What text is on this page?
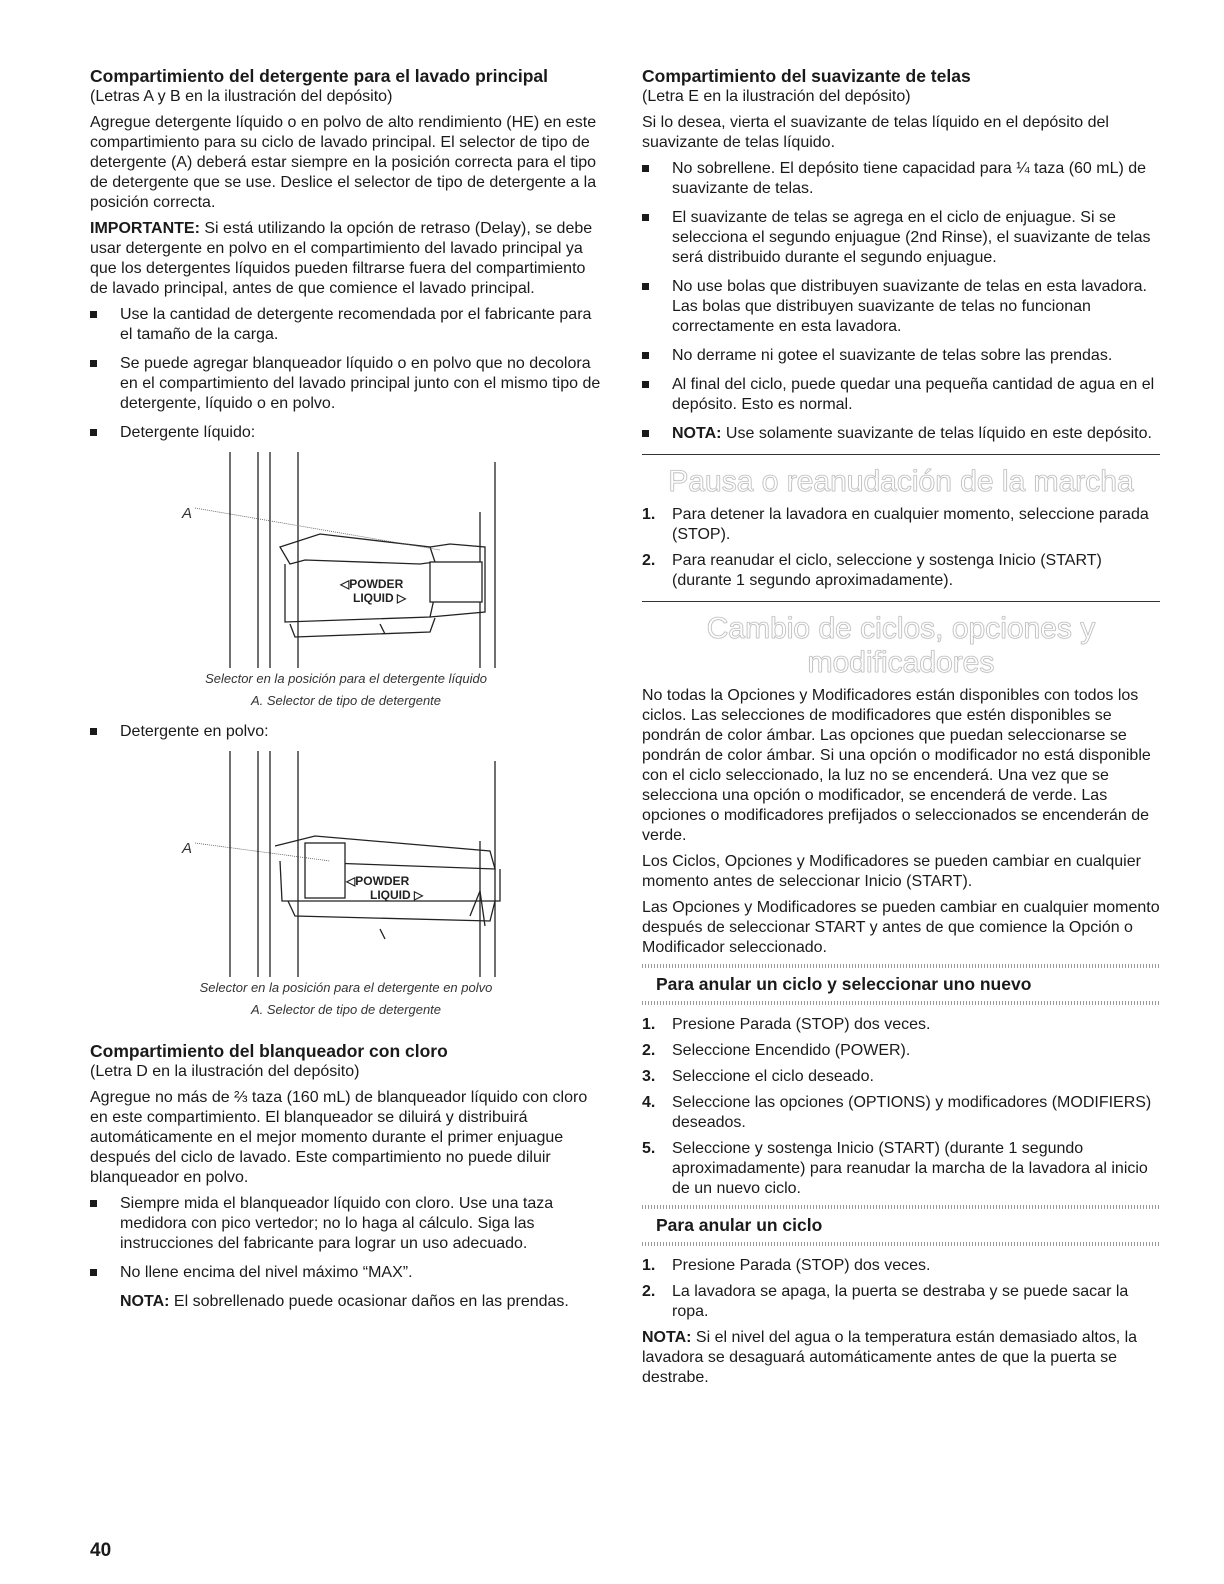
Compartimiento del detergente para el lavado principal

(Letras A y B en la ilustración del depósito)

Agregue detergente líquido o en polvo de alto rendimiento (HE) en este compartimiento para su ciclo de lavado principal. El selector de tipo de detergente (A) deberá estar siempre en la posición correcta para el tipo de detergente que se use. Deslice el selector de tipo de detergente a la posición correcta.

IMPORTANTE: Si está utilizando la opción de retraso (Delay), se debe usar detergente en polvo en el compartimiento del lavado principal ya que los detergentes líquidos pueden filtrarse fuera del compartimiento de lavado principal, antes de que comience el lavado principal.

Use la cantidad de detergente recomendada por el fabricante para el tamaño de la carga.
Se puede agregar blanqueador líquido o en polvo que no decolora en el compartimiento del lavado principal junto con el mismo tipo de detergente, líquido o en polvo.
Detergente líquido:
A
◁POWDER
LIQUID ▷
Selector en la posición para el detergente líquido
A. Selector de tipo de detergente
Detergente en polvo:
A
◁POWDER
LIQUID ▷
Selector en la posición para el detergente en polvo
A. Selector de tipo de detergente
Compartimiento del blanqueador con cloro

(Letra D en la ilustración del depósito)

Agregue no más de ⅔ taza (160 mL) de blanqueador líquido con cloro en este compartimiento. El blanqueador se diluirá y distribuirá automáticamente en el mejor momento durante el primer enjuague después del ciclo de lavado. Este compartimiento no puede diluir blanqueador en polvo.

Siempre mida el blanqueador líquido con cloro. Use una taza medidora con pico vertedor; no lo haga al cálculo. Siga las instrucciones del fabricante para lograr un uso adecuado.
No llene encima del nivel máximo “MAX”.

NOTA: El sobrellenado puede ocasionar daños en las prendas.

Compartimiento del suavizante de telas

(Letra E en la ilustración del depósito)

Si lo desea, vierta el suavizante de telas líquido en el depósito del suavizante de telas líquido.

No sobrellene. El depósito tiene capacidad para ¼ taza (60 mL) de suavizante de telas.
El suavizante de telas se agrega en el ciclo de enjuague. Si se selecciona el segundo enjuague (2nd Rinse), el suavizante de telas será distribuido durante el segundo enjuague.
No use bolas que distribuyen suavizante de telas en esta lavadora. Las bolas que distribuyen suavizante de telas no funcionan correctamente en esta lavadora.
No derrame ni gotee el suavizante de telas sobre las prendas.
Al final del ciclo, puede quedar una pequeña cantidad de agua en el depósito. Esto es normal.
NOTA: Use solamente suavizante de telas líquido en este depósito.
Pausa o reanudación de la marcha
1. Para detener la lavadora en cualquier momento, seleccione parada (STOP).
2. Para reanudar el ciclo, seleccione y sostenga Inicio (START) (durante 1 segundo aproximadamente).
Cambio de ciclos, opciones y
modificadores

No todas la Opciones y Modificadores están disponibles con todos los ciclos. Las selecciones de modificadores que estén disponibles se pondrán de color ámbar. Las opciones que puedan seleccionarse se pondrán de color ámbar. Si una opción o modificador no está disponible con el ciclo seleccionado, la luz no se encenderá. Una vez que se selecciona una opción o modificador, se encenderá de verde. Las opciones o modificadores prefijados o seleccionados se encenderán de verde.

Los Ciclos, Opciones y Modificadores se pueden cambiar en cualquier momento antes de seleccionar Inicio (START).

Las Opciones y Modificadores se pueden cambiar en cualquier momento después de seleccionar START y antes de que comience la Opción o Modificador seleccionado.

Para anular un ciclo y seleccionar uno nuevo
1. Presione Parada (STOP) dos veces.
2. Seleccione Encendido (POWER).
3. Seleccione el ciclo deseado.
4. Seleccione las opciones (OPTIONS) y modificadores (MODIFIERS) deseados.
5. Seleccione y sostenga Inicio (START) (durante 1 segundo aproximadamente) para reanudar la marcha de la lavadora al inicio de un nuevo ciclo.
Para anular un ciclo
1. Presione Parada (STOP) dos veces.
2. La lavadora se apaga, la puerta se destraba y se puede sacar la ropa.

NOTA: Si el nivel del agua o la temperatura están demasiado altos, la lavadora se desaguará automáticamente antes de que la puerta se destrabe.

40
